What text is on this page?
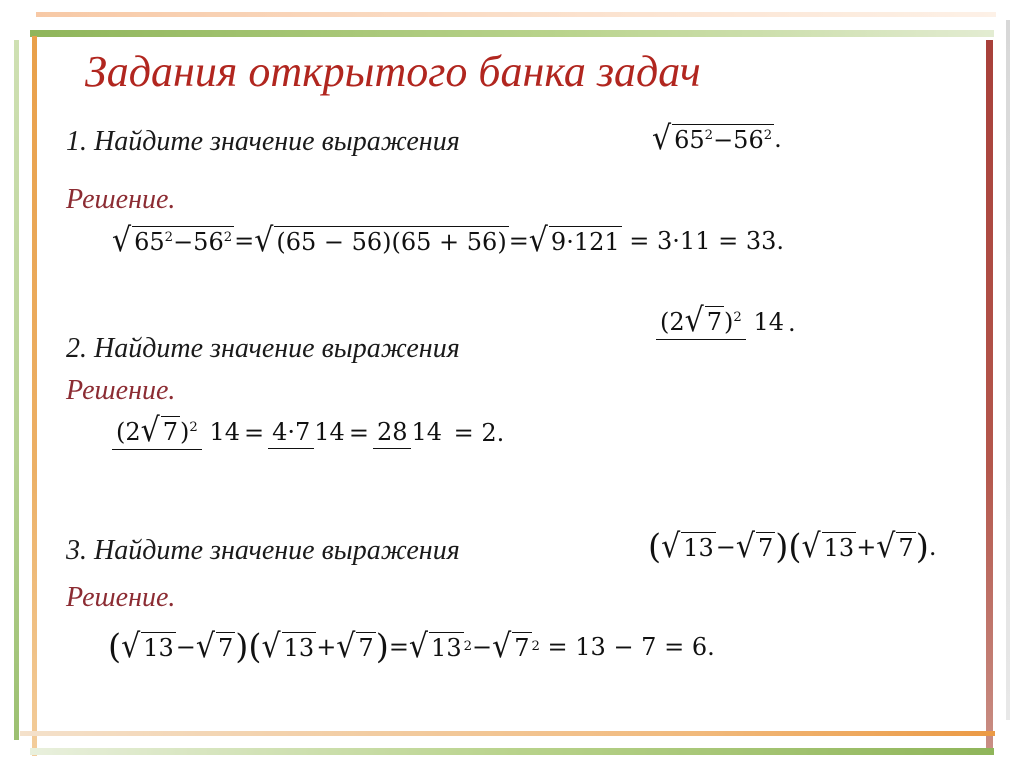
Задания открытого банка задач
1. Найдите значение выражения	√ $65^2-56^2$ .
Решение.
√ $65^2-56^2$ = √ (65 − 56)(65 + 56) = √ 9·121
= 3·11 = 33.
2. Найдите значение выражения
(2√ 7)$^2$ 14 .
Решение.
(2√ 7)$^2$ 14 = 4·7 14 = 28 14
= 2.
3. Найдите значение выражения	( √ 13 − √ 7 ) ( √ 13 + √ 7 ) .
Решение.
( √ 13 − √ 7 ) ( √ 13 + √ 7 ) = √ 13 2 − √ 7 2
= 13 − 7 = 6.
